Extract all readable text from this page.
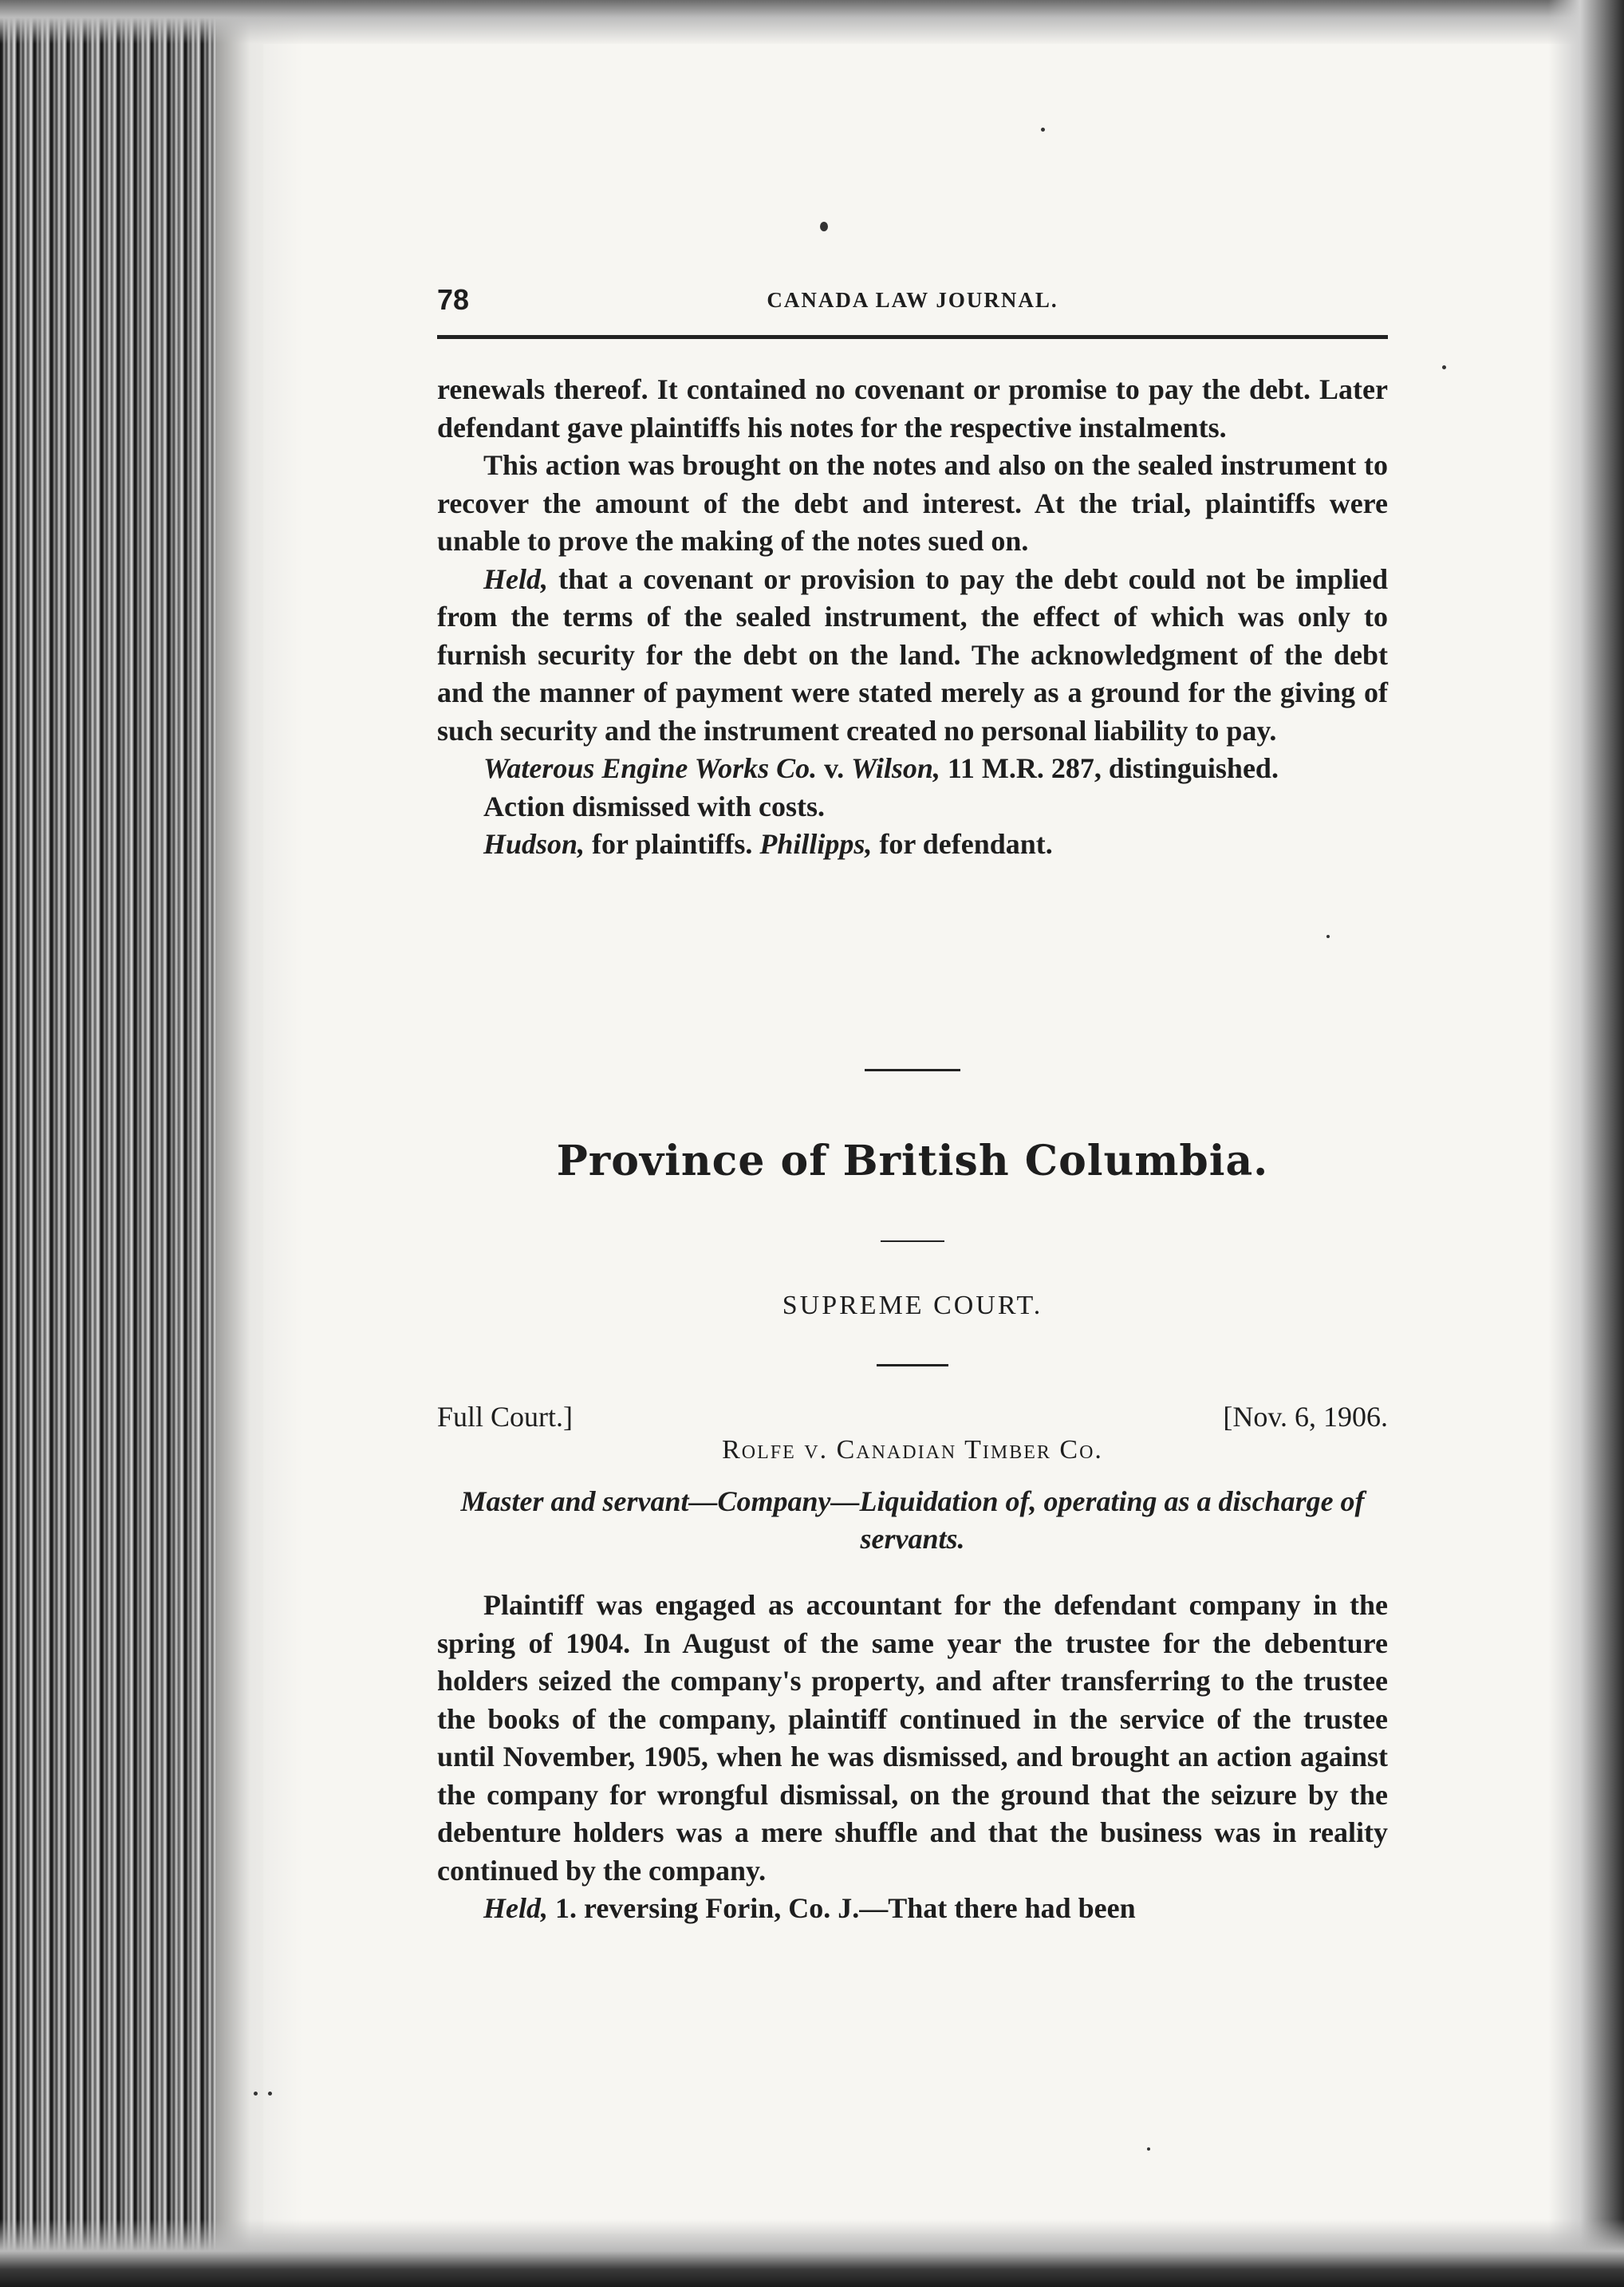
78	CANADA LAW JOURNAL.

renewals thereof. It contained no covenant or promise to pay the debt. Later defendant gave plaintiffs his notes for the respective instalments.

This action was brought on the notes and also on the sealed instrument to recover the amount of the debt and interest. At the trial, plaintiffs were unable to prove the making of the notes sued on.

Held, that a covenant or provision to pay the debt could not be implied from the terms of the sealed instrument, the effect of which was only to furnish security for the debt on the land. The acknowledgment of the debt and the manner of payment were stated merely as a ground for the giving of such security and the instrument created no personal liability to pay.

Waterous Engine Works Co. v. Wilson, 11 M.R. 287, distinguished.

Action dismissed with costs.

Hudson, for plaintiffs. Phillipps, for defendant.

Province of British Columbia.
SUPREME COURT.
Full Court.]	[Nov. 6, 1906.
Rolfe v. Canadian Timber Co.
Master and servant—Company—Liquidation of, operating as a discharge of servants.

Plaintiff was engaged as accountant for the defendant company in the spring of 1904. In August of the same year the trustee for the debenture holders seized the company's property, and after transferring to the trustee the books of the company, plaintiff continued in the service of the trustee until November, 1905, when he was dismissed, and brought an action against the company for wrongful dismissal, on the ground that the seizure by the debenture holders was a mere shuffle and that the business was in reality continued by the company.

Held, 1. reversing Forin, Co. J.—That there had been
